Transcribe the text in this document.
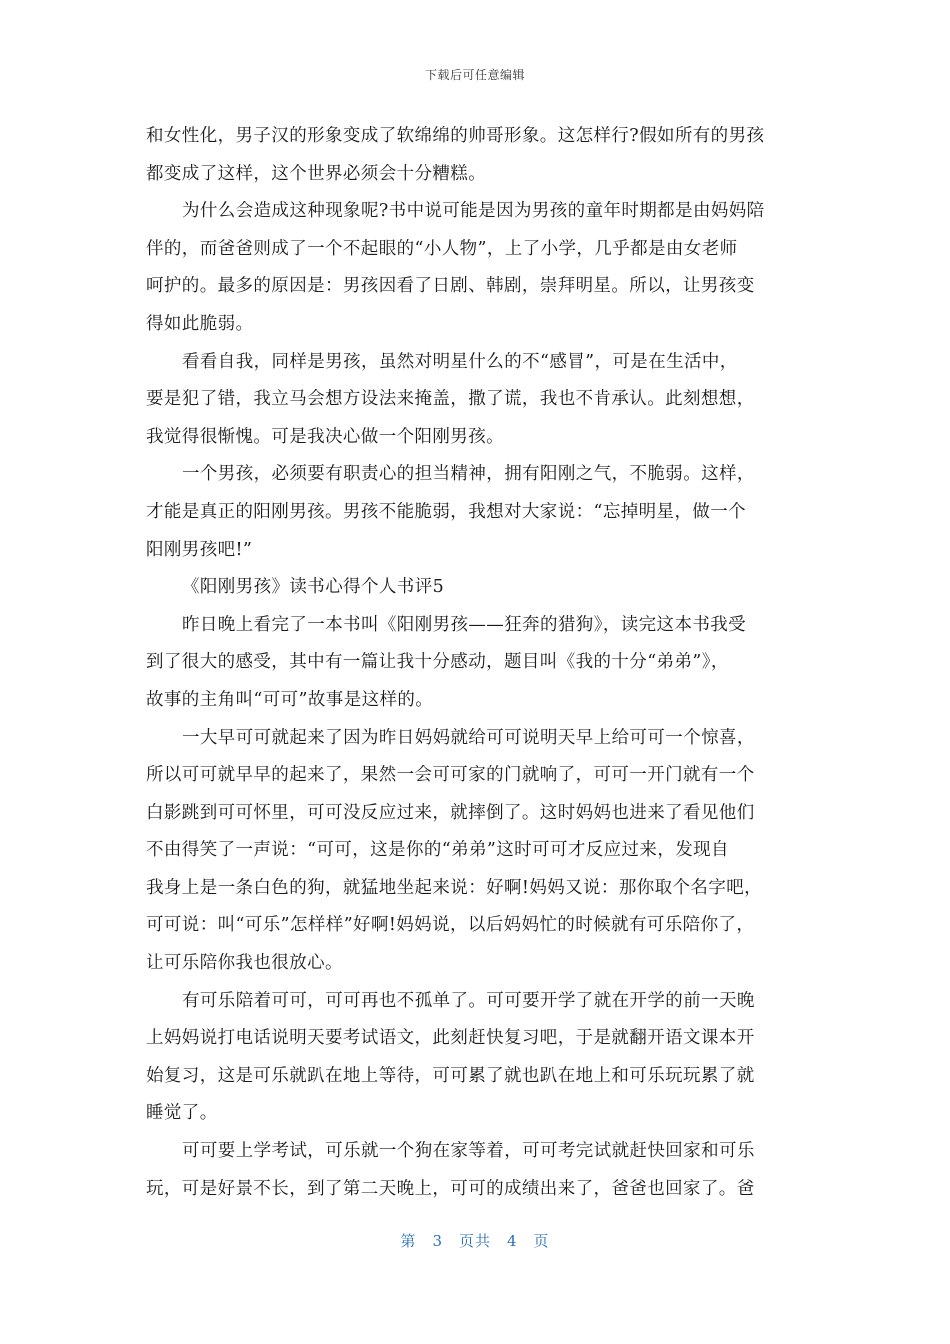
下载后可任意编辑
和女性化，男子汉的形象变成了软绵绵的帅哥形象。这怎样行?假如所有的男孩
都变成了这样，这个世界必须会十分糟糕。
为什么会造成这种现象呢?书中说可能是因为男孩的童年时期都是由妈妈陪
伴的，而爸爸则成了一个不起眼的“小人物”，上了小学，几乎都是由女老师
呵护的。最多的原因是：男孩因看了日剧、韩剧，崇拜明星。所以，让男孩变
得如此脆弱。
看看自我，同样是男孩，虽然对明星什么的不“感冒”，可是在生活中，
要是犯了错，我立马会想方设法来掩盖，撒了谎，我也不肯承认。此刻想想，
我觉得很惭愧。可是我决心做一个阳刚男孩。
一个男孩，必须要有职责心的担当精神，拥有阳刚之气，不脆弱。这样，
才能是真正的阳刚男孩。男孩不能脆弱，我想对大家说：“忘掉明星，做一个
阳刚男孩吧!”
《阳刚男孩》读书心得个人书评5
昨日晚上看完了一本书叫《阳刚男孩——狂奔的猎狗》，读完这本书我受
到了很大的感受，其中有一篇让我十分感动，题目叫《我的十分“弟弟”》，
故事的主角叫“可可”故事是这样的。
一大早可可就起来了因为昨日妈妈就给可可说明天早上给可可一个惊喜，
所以可可就早早的起来了，果然一会可可家的门就响了，可可一开门就有一个
白影跳到可可怀里，可可没反应过来，就摔倒了。这时妈妈也进来了看见他们
不由得笑了一声说：“可可，这是你的“弟弟”这时可可才反应过来，发现自
我身上是一条白色的狗，就猛地坐起来说：好啊!妈妈又说：那你取个名字吧，
可可说：叫“可乐”怎样样”好啊!妈妈说，以后妈妈忙的时候就有可乐陪你了，
让可乐陪你我也很放心。
有可乐陪着可可，可可再也不孤单了。可可要开学了就在开学的前一天晚
上妈妈说打电话说明天要考试语文，此刻赶快复习吧，于是就翻开语文课本开
始复习，这是可乐就趴在地上等待，可可累了就也趴在地上和可乐玩玩累了就
睡觉了。
可可要上学考试，可乐就一个狗在家等着，可可考完试就赶快回家和可乐
玩，可是好景不长，到了第二天晚上，可可的成绩出来了，爸爸也回家了。爸
第 3 页共 4 页
